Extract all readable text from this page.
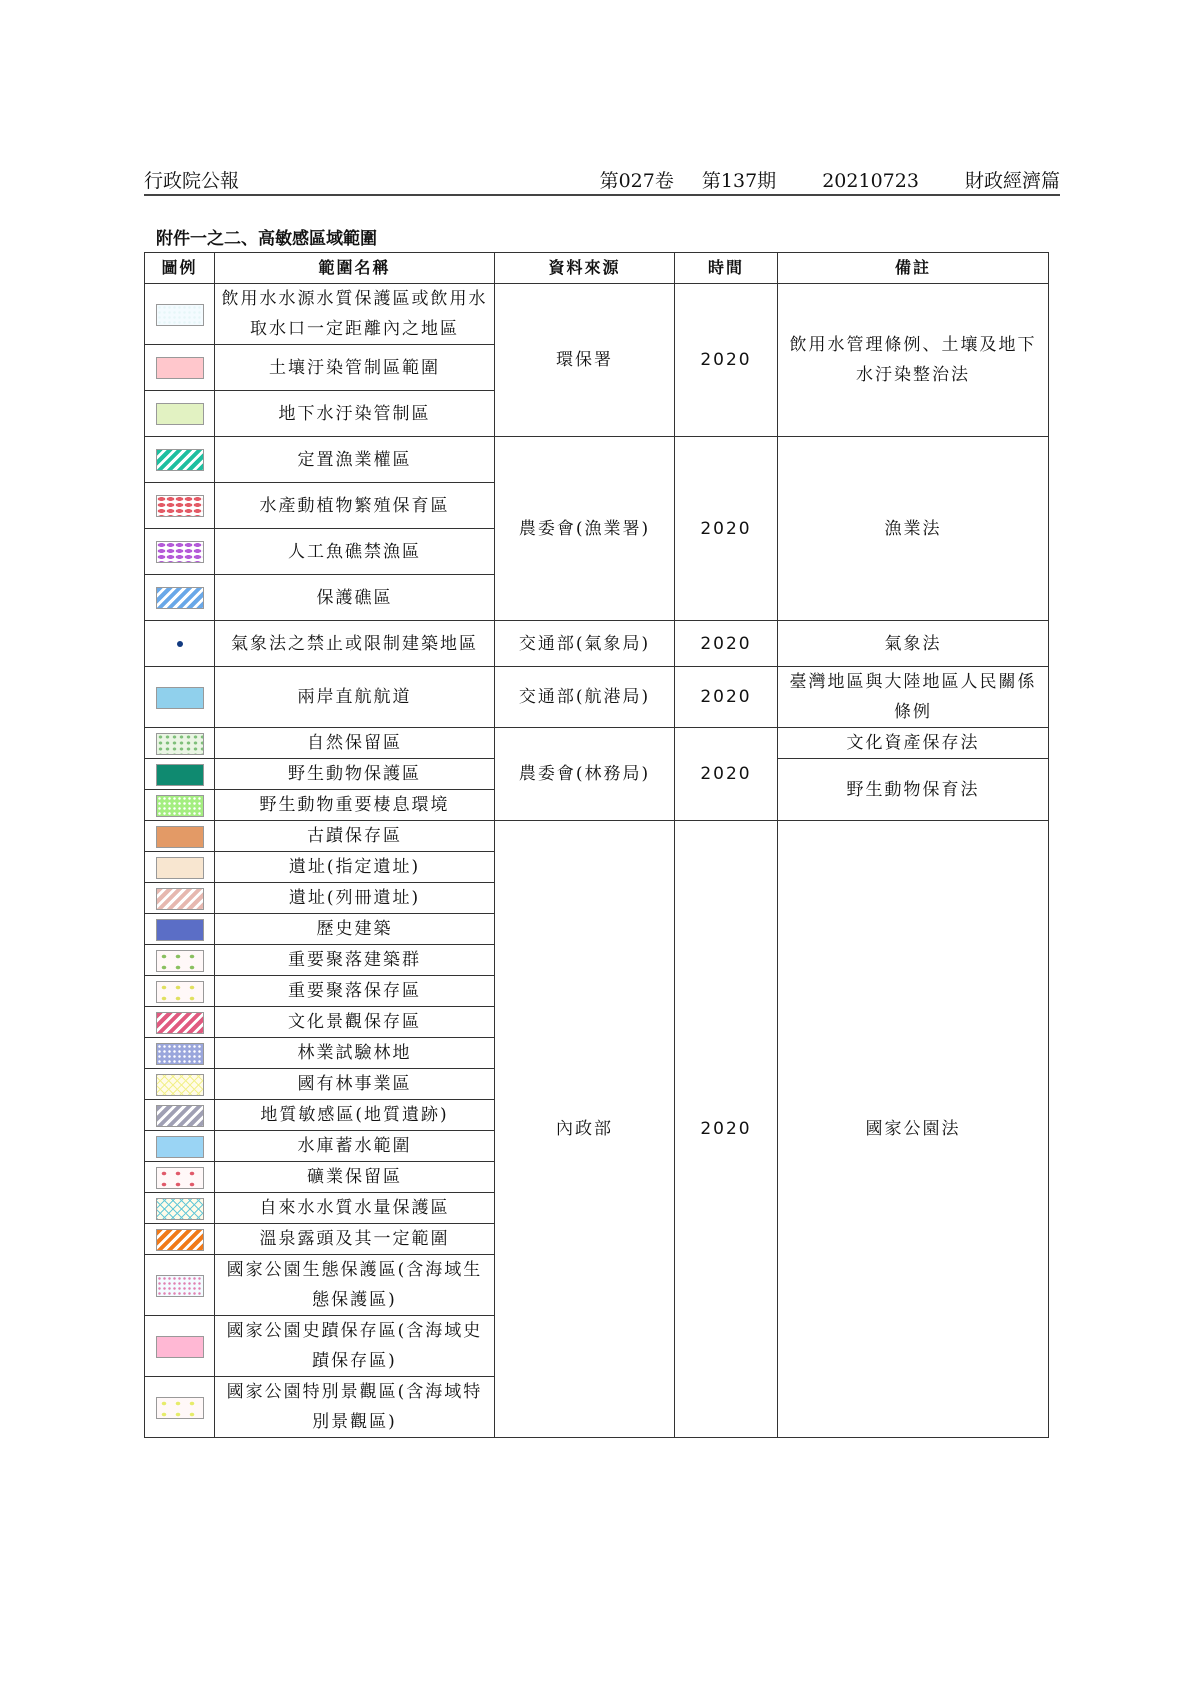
行政院公報	第027卷 第137期 20210723 財政經濟篇
附件一之二、高敏感區域範圍
圖例	範圍名稱	資料來源	時間	備註
	飲用水水源水質保護區或飲用水取水口一定距離內之地區	環保署	2020	飲用水管理條例、土壤及地下水汙染整治法
	土壤汙染管制區範圍			
	地下水汙染管制區			
	定置漁業權區	農委會(漁業署)	2020	漁業法
	水產動植物繁殖保育區			
	人工魚礁禁漁區			
	保護礁區			
	氣象法之禁止或限制建築地區	交通部(氣象局)	2020	氣象法
	兩岸直航航道	交通部(航港局)	2020	臺灣地區與大陸地區人民關係條例
	自然保留區	農委會(林務局)	2020	文化資產保存法
	野生動物保護區			野生動物保育法
	野生動物重要棲息環境			
	古蹟保存區	內政部	2020	國家公園法
	遺址(指定遺址)			
	遺址(列冊遺址)			
	歷史建築			
	重要聚落建築群			
	重要聚落保存區			
	文化景觀保存區			
	林業試驗林地			
	國有林事業區			
	地質敏感區(地質遺跡)			
	水庫蓄水範圍			
	礦業保留區			
	自來水水質水量保護區			
	溫泉露頭及其一定範圍			
	國家公園生態保護區(含海域生態保護區)			
	國家公園史蹟保存區(含海域史蹟保存區)			
	國家公園特別景觀區(含海域特別景觀區)			
